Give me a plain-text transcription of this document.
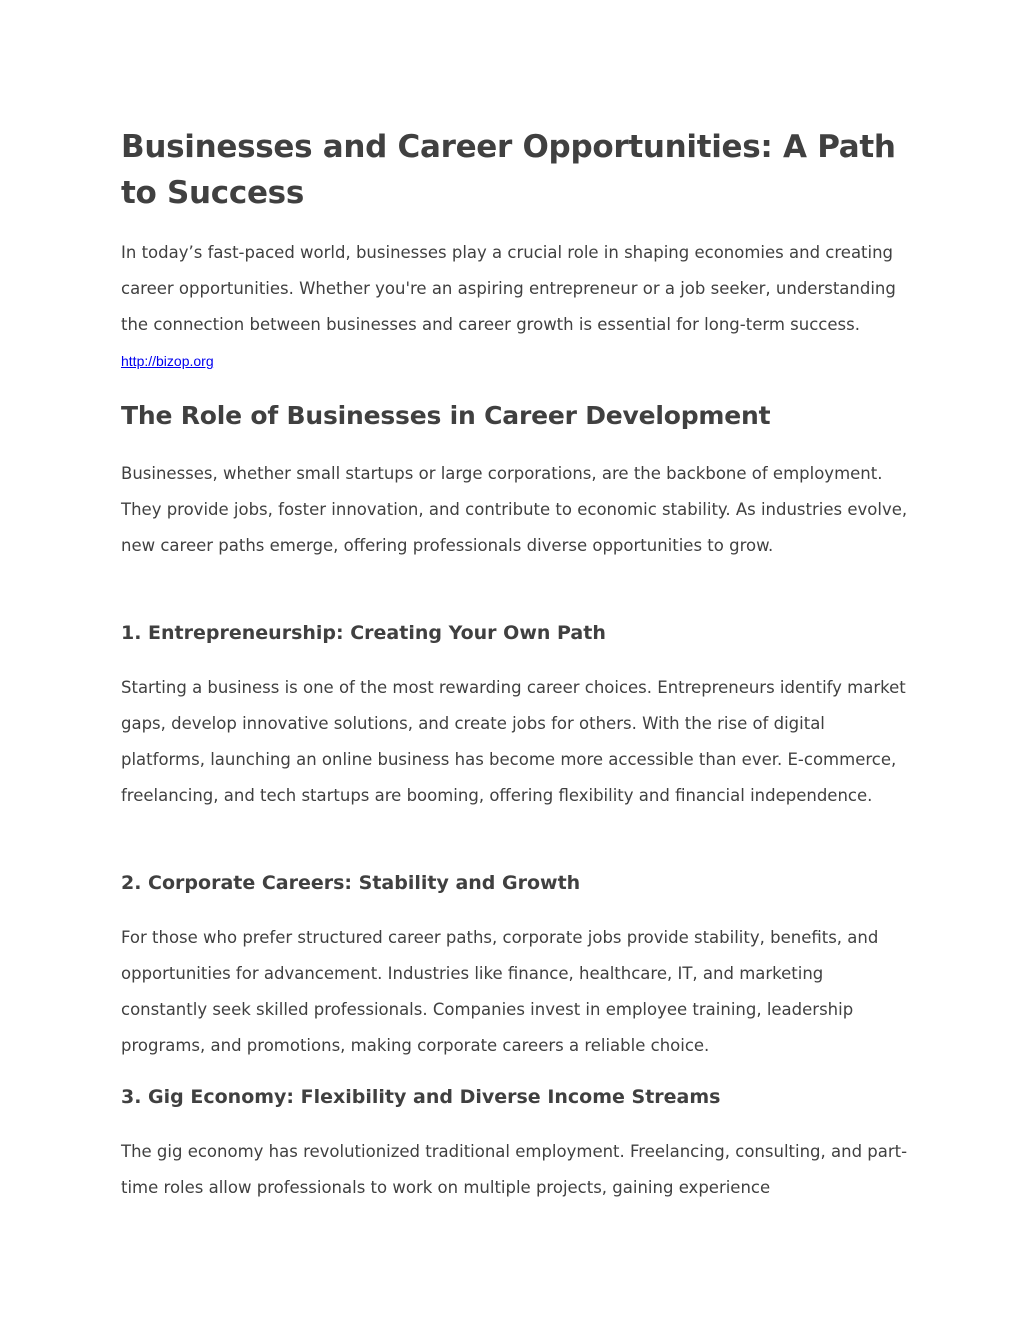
Businesses and Career Opportunities: A Path to Success

In today’s fast-paced world, businesses play a crucial role in shaping economies and creating career opportunities. Whether you're an aspiring entrepreneur or a job seeker, understanding the connection between businesses and career growth is essential for long-term success. http://bizop.org

The Role of Businesses in Career Development

Businesses, whether small startups or large corporations, are the backbone of employment. They provide jobs, foster innovation, and contribute to economic stability. As industries evolve, new career paths emerge, offering professionals diverse opportunities to grow.

1. Entrepreneurship: Creating Your Own Path

Starting a business is one of the most rewarding career choices. Entrepreneurs identify market gaps, develop innovative solutions, and create jobs for others. With the rise of digital platforms, launching an online business has become more accessible than ever. E-commerce, freelancing, and tech startups are booming, offering flexibility and financial independence.

2. Corporate Careers: Stability and Growth

For those who prefer structured career paths, corporate jobs provide stability, benefits, and opportunities for advancement. Industries like finance, healthcare, IT, and marketing constantly seek skilled professionals. Companies invest in employee training, leadership programs, and promotions, making corporate careers a reliable choice.

3. Gig Economy: Flexibility and Diverse Income Streams

The gig economy has revolutionized traditional employment. Freelancing, consulting, and part-time roles allow professionals to work on multiple projects, gaining experience
